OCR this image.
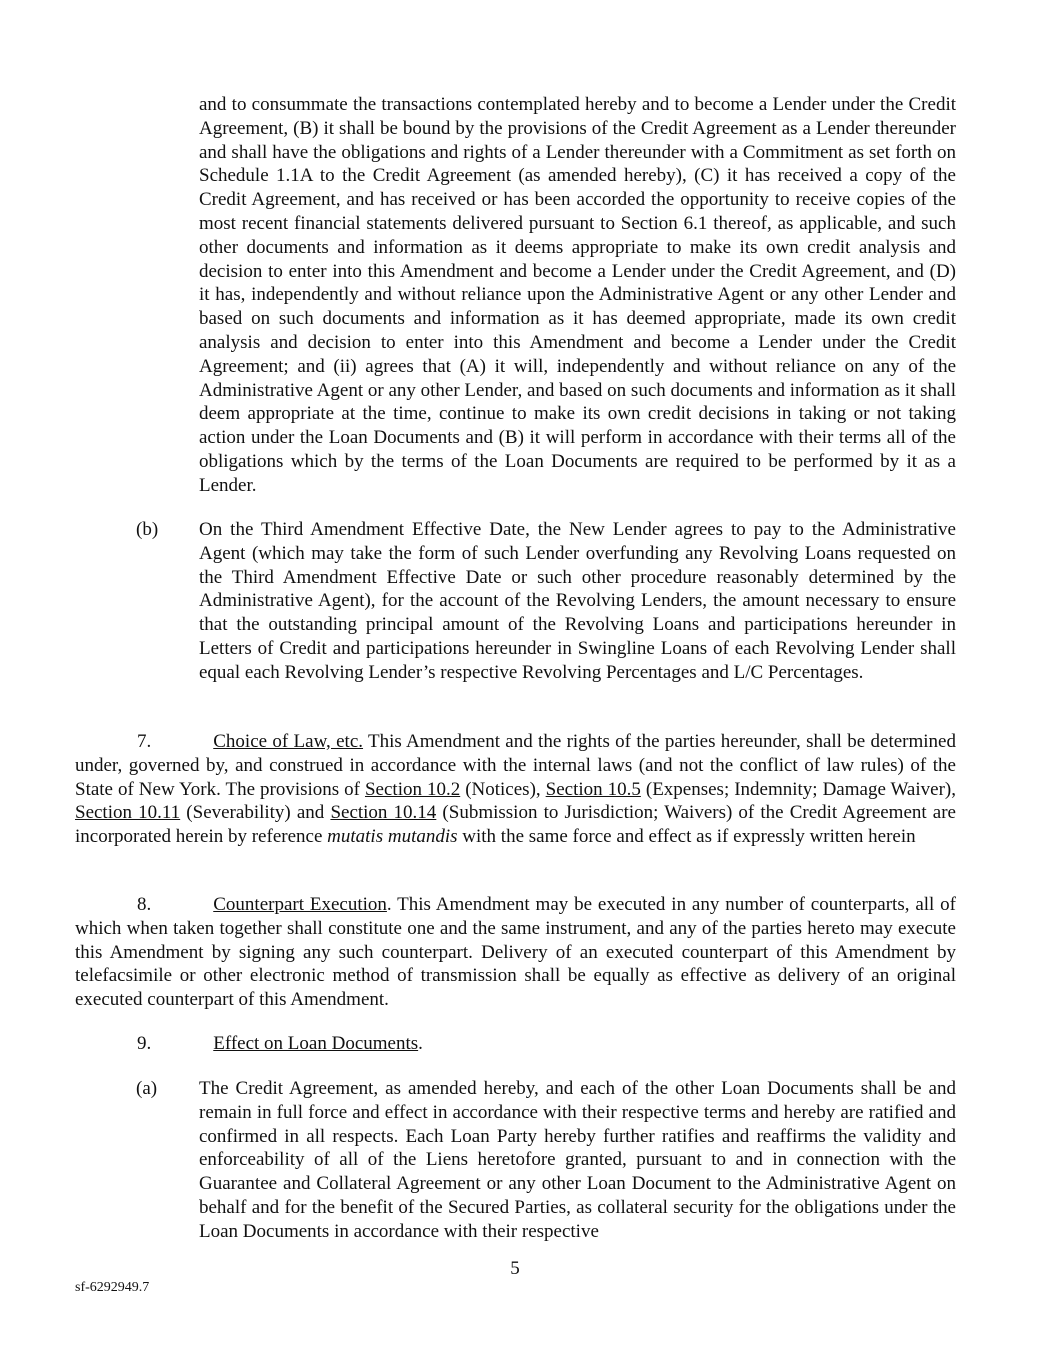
and to consummate the transactions contemplated hereby and to become a Lender under the Credit Agreement, (B) it shall be bound by the provisions of the Credit Agreement as a Lender thereunder and shall have the obligations and rights of a Lender thereunder with a Commitment as set forth on Schedule 1.1A to the Credit Agreement (as amended hereby), (C) it has received a copy of the Credit Agreement, and has received or has been accorded the opportunity to receive copies of the most recent financial statements delivered pursuant to Section 6.1 thereof, as applicable, and such other documents and information as it deems appropriate to make its own credit analysis and decision to enter into this Amendment and become a Lender under the Credit Agreement, and (D) it has, independently and without reliance upon the Administrative Agent or any other Lender and based on such documents and information as it has deemed appropriate, made its own credit analysis and decision to enter into this Amendment and become a Lender under the Credit Agreement; and (ii) agrees that (A) it will, independently and without reliance on any of the Administrative Agent or any other Lender, and based on such documents and information as it shall deem appropriate at the time, continue to make its own credit decisions in taking or not taking action under the Loan Documents and (B) it will perform in accordance with their terms all of the obligations which by the terms of the Loan Documents are required to be performed by it as a Lender.
(b) On the Third Amendment Effective Date, the New Lender agrees to pay to the Administrative Agent (which may take the form of such Lender overfunding any Revolving Loans requested on the Third Amendment Effective Date or such other procedure reasonably determined by the Administrative Agent), for the account of the Revolving Lenders, the amount necessary to ensure that the outstanding principal amount of the Revolving Loans and participations hereunder in Letters of Credit and participations hereunder in Swingline Loans of each Revolving Lender shall equal each Revolving Lender’s respective Revolving Percentages and L/C Percentages.
7.	Choice of Law, etc. This Amendment and the rights of the parties hereunder, shall be determined under, governed by, and construed in accordance with the internal laws (and not the conflict of law rules) of the State of New York. The provisions of Section 10.2 (Notices), Section 10.5 (Expenses; Indemnity; Damage Waiver), Section 10.11 (Severability) and Section 10.14 (Submission to Jurisdiction; Waivers) of the Credit Agreement are incorporated herein by reference mutatis mutandis with the same force and effect as if expressly written herein
8.	Counterpart Execution. This Amendment may be executed in any number of counterparts, all of which when taken together shall constitute one and the same instrument, and any of the parties hereto may execute this Amendment by signing any such counterpart. Delivery of an executed counterpart of this Amendment by telefacsimile or other electronic method of transmission shall be equally as effective as delivery of an original executed counterpart of this Amendment.
9.	Effect on Loan Documents.
(a) The Credit Agreement, as amended hereby, and each of the other Loan Documents shall be and remain in full force and effect in accordance with their respective terms and hereby are ratified and confirmed in all respects. Each Loan Party hereby further ratifies and reaffirms the validity and enforceability of all of the Liens heretofore granted, pursuant to and in connection with the Guarantee and Collateral Agreement or any other Loan Document to the Administrative Agent on behalf and for the benefit of the Secured Parties, as collateral security for the obligations under the Loan Documents in accordance with their respective
5
sf-6292949.7
